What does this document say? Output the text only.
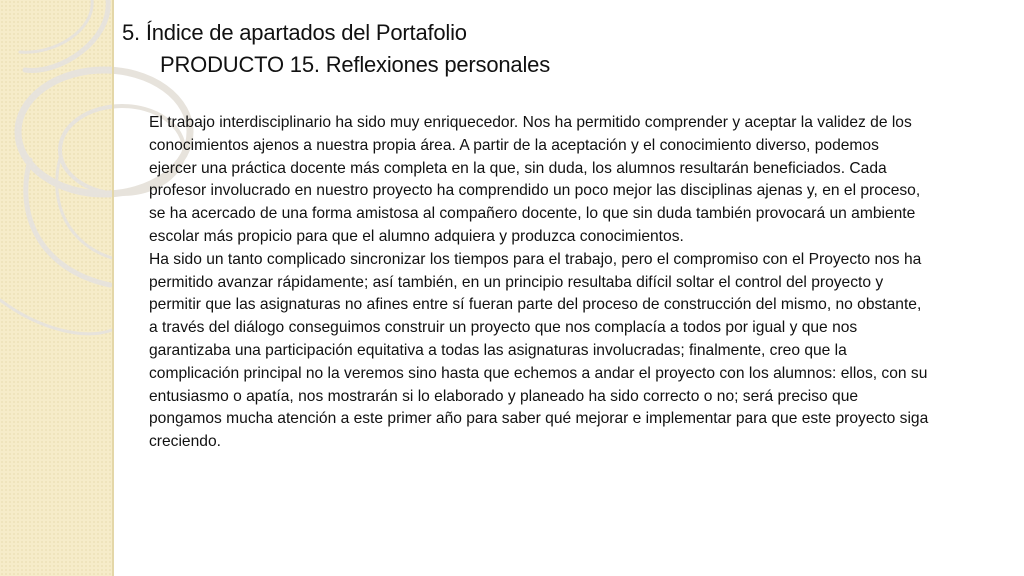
5. Índice de apartados del Portafolio
PRODUCTO 15. Reflexiones personales

El trabajo interdisciplinario ha sido muy enriquecedor. Nos ha permitido comprender y aceptar la validez de los conocimientos ajenos a nuestra propia área. A partir de la aceptación y el conocimiento diverso, podemos ejercer una práctica docente más completa en la que, sin duda, los alumnos resultarán beneficiados. Cada profesor involucrado en nuestro proyecto ha comprendido un poco mejor las disciplinas ajenas y, en el proceso, se ha acercado de una forma amistosa al compañero docente, lo que sin duda también provocará un ambiente escolar más propicio para que el alumno adquiera y produzca conocimientos.

Ha sido un tanto complicado sincronizar los tiempos para el trabajo, pero el compromiso con el Proyecto nos ha permitido avanzar rápidamente; así también, en un principio resultaba difícil soltar el control del proyecto y permitir que las asignaturas no afines entre sí fueran parte del proceso de construcción del mismo, no obstante, a través del diálogo conseguimos construir un proyecto que nos complacía a todos por igual y que nos garantizaba una participación equitativa a todas las asignaturas involucradas; finalmente, creo que la complicación principal no la veremos sino hasta que echemos a andar el proyecto con los alumnos: ellos, con su entusiasmo o apatía, nos mostrarán si lo elaborado y planeado ha sido correcto o no; será preciso que pongamos mucha atención a este primer año para saber qué mejorar e implementar para que este proyecto siga creciendo.
